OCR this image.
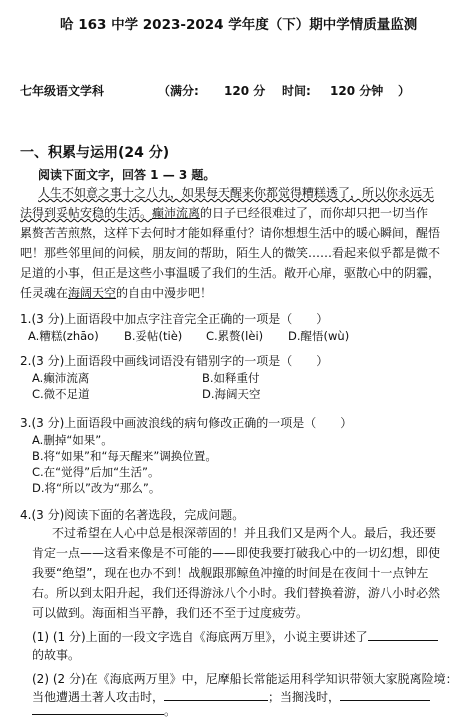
哈 163 中学 2023-2024 学年度（下）期中学情质量监测
七年级语文学科	（满分: 120 分 时间: 120 分钟 ）
一、积累与运用(24 分)
阅读下面文字，回答 1 — 3 题。
人生不如意之事十之八九，如果每天醒来你都觉得糟糕透了，所以你永远无
法得到妥帖安稳的生活。癫沛流离的日子已经很难过了，而你却只把一切当作
累赘苦苦煎熬，这样下去何时才能如释重付？请你想想生活中的暖心瞬间，醒悟
吧！那些邻里间的问候，朋友间的帮助，陌生人的微笑……看起来似乎都是微不
足道的小事，但正是这些小事温暖了我们的生活。敞开心扉，驱散心中的阴霾，
任灵魂在海阔天空的自由中漫步吧！
1.(3 分)上面语段中加点字注音完全正确的一项是（　　）
A.糟糕(zhāo) B.妥帖(tiè) C.累赘(lèi) D.醒悟(wù)
2.(3 分)上面语段中画线词语没有错别字的一项是（　　）
A.癫沛流离	B.如释重付
C.微不足道	D.海阔天空
3.(3 分)上面语段中画波浪线的病句修改正确的一项是（　　）
A.删掉“如果”。
B.将“如果”和“每天醒来”调换位置。
C.在“觉得”后加“生活”。
D.将“所以”改为“那么”。
4.(3 分)阅读下面的名著选段，完成问题。
不过希望在人心中总是根深蒂固的！并且我们又是两个人。最后，我还要
肯定一点——这看来像是不可能的——即使我要打破我心中的一切幻想，即使
我要“绝望”，现在也办不到！战舰跟那鲸鱼冲撞的时间是在夜间十一点钟左
右。所以到太阳升起，我们还得游泳八个小时。我们替换着游，游八小时必然
可以做到。海面相当平静，我们还不至于过度疲劳。
(1) (1 分)上面的一段文字选自《海底两万里》，小说主要讲述了
的故事。
(2) (2 分)在《海底两万里》中，尼摩船长常能运用科学知识带领大家脱离险境：
当他遭遇土著人攻击时，	；当搁浅时，
。
